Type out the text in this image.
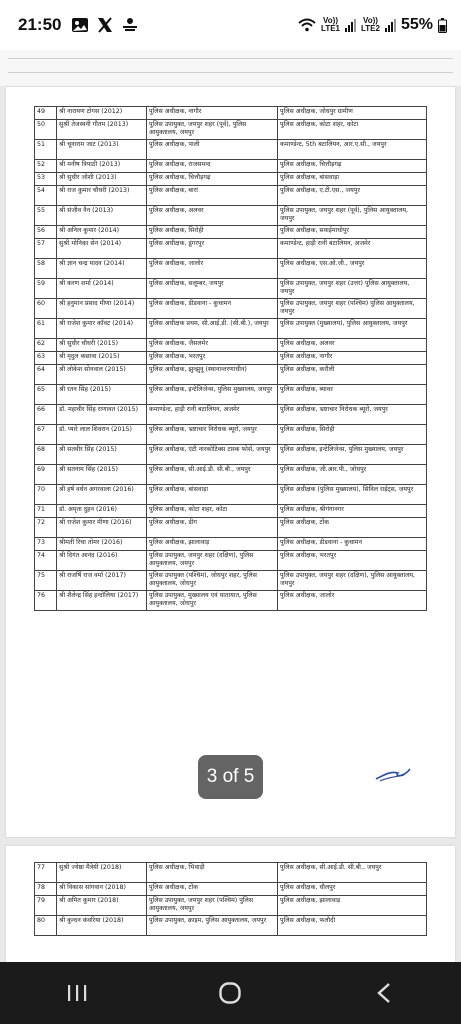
21:50	Vo))
LTE1
Vo))
LTE2 55%
49	श्री नारायण टोगस (2012)	पुलिस अधीक्षक, नागौर	पुलिस अधीक्षक, जोधपुर ग्रामीण
50	सुश्री तेजस्वनी गौतम (2013)	पुलिस उपायुक्त, जयपुर शहर (पूर्व), पुलिस आयुक्तालय, जयपुर	पुलिस अधीक्षक, कोटा शहर, कोटा
51	श्री चूनाराम जाट (2013)	पुलिस अधीक्षक, पाली	कमाण्डेन्ट, 5th बटालियन, आर.ए.सी., जयपुर
52	श्री मनीष त्रिपाठी (2013)	पुलिस अधीक्षक, राजसमन्द	पुलिस अधीक्षक, चित्तौड़गढ़
53	श्री सुधीर जोशी (2013)	पुलिस अधीक्षक, चित्तौड़गढ़	पुलिस अधीक्षक, बांसवाड़ा
54	श्री राज कुमार चौधरी (2013)	पुलिस अधीक्षक, बारां	पुलिस अधीक्षक, ए.टी.एस., जयपुर
55	श्री संजीव नैन (2013)	पुलिस अधीक्षक, अलवर	पुलिस उपायुक्त, जयपुर शहर (पूर्व), पुलिस आयुक्तालय, जयपुर
56	श्री अनिल कुमार (2014)	पुलिस अधीक्षक, सिरोही	पुलिस अधीक्षक, सवाईमाधोपुर
57	सुश्री मोनिका सेन (2014)	पुलिस अधीक्षक, डूंगरपुर	कमाण्डेन्ट, हाड़ी रानी बटालियन, अजमेर
58	श्री ज्ञान चन्द्र यादव (2014)	पुलिस अधीक्षक, जालोर	पुलिस अधीक्षक, एस.ओ.जी., जयपुर
59	श्री करण शर्मा (2014)	पुलिस अधीक्षक, सलूम्बर, जयपुर	पुलिस उपायुक्त, जयपुर शहर (उत्तर) पुलिस आयुक्तालय, जयपुर
60	श्री हनुमान प्रसाद मीणा (2014)	पुलिस अधीक्षक, डीडवाना - कुचामन	पुलिस उपायुक्त, जयपुर शहर (पश्चिम) पुलिस आयुक्तालय, जयपुर
61	श्री राजेश कुमार कॉवट (2014)	पुलिस अधीक्षक प्रथम, सी.आई.डी. (सी.बी.), जयपुर	पुलिस उपायुक्त (मुख्यालय), पुलिस आयुक्तालय, जयपुर
62	श्री सुधीर चौधरी (2015)	पुलिस अधीक्षक, जैसलमेर	पुलिस अधीक्षक, अलवर
63	श्री मृदुल कछावा (2015)	पुलिस अधीक्षक, भरतपुर	पुलिस अधीक्षक, नागौर
64	श्री लोकेश सोनवाल (2015)	पुलिस अधीक्षक, झुन्झुनू (स्थानान्तरणाधीन)	पुलिस अधीक्षक, करौली
65	श्री रतन सिंह (2015)	पुलिस अधीक्षक, इन्टेलिजेन्स, पुलिस मुख्यालय, जयपुर	पुलिस अधीक्षक, ब्यावर
66	डॉ. महावीर सिंह राणावत (2015)	कमाण्डेन्ट, हाड़ी रानी बटालियन, अजमेर	पुलिस अधीक्षक, भ्रष्टाचार निरोधक ब्यूरो, जयपुर
67	डॉ. प्यारे लाल शिवरान (2015)	पुलिस अधीक्षक, भ्रष्टाचार निरोधक ब्यूरो, जयपुर	पुलिस अधीक्षक, सिरोही
68	श्री सतवीर सिंह (2015)	पुलिस अधीक्षक, एंटी नारकोटिक्स टास्क फोर्स, जयपुर	पुलिस अधीक्षक, इन्टेलिजेन्स, पुलिस मुख्यालय, जयपुर
69	श्री सतनाम सिंह (2015)	पुलिस अधीक्षक, सी.आई.डी. सी.बी., जयपुर	पुलिस अधीक्षक, जी.आर.पी., जोधपुर
70	श्री हर्ष वर्धन अगरवाला (2016)	पुलिस अधीक्षक, बांसवाड़ा	पुलिस अधीक्षक (पुलिस मुख्यालय), सिविल राईट्स, जयपुर
71	डॉ. अमृता दुहन (2016)	पुलिस अधीक्षक, कोटा शहर, कोटा	पुलिस अधीक्षक, श्रीगंगानगर
72	श्री राजेश कुमार मीणा (2016)	पुलिस अधीक्षक, डीग	पुलिस अधीक्षक, टोंक
73	श्रीमती रिचा तोमर (2016)	पुलिस अधीक्षक, झालावाड़	पुलिस अधीक्षक, डीडवाना - कुचामन
74	श्री दिगंत आनंद (2016)	पुलिस उपायुक्त, जयपुर शहर (दक्षिण), पुलिस आयुक्तालय, जयपुर	पुलिस अधीक्षक, भरतपुर
75	श्री राजर्षि राज वर्मा (2017)	पुलिस उपायुक्त (पश्चिम), जोधपुर शहर, पुलिस आयुक्तालय, जोधपुर	पुलिस उपायुक्त, जयपुर शहर (दक्षिण), पुलिस आयुक्तालय, जयपुर
76	श्री शैलेन्द्र सिंह इन्दोलिया (2017)	पुलिस उपायुक्त, मुख्यालय एवं यातायात, पुलिस आयुक्तालय, जोधपुर	पुलिस अधीक्षक, जालोर
77	सुश्री ज्येष्ठा मैत्रेयी (2018)	पुलिस अधीक्षक, भिवाड़ी	पुलिस अधीक्षक, सी.आई.डी. सी.बी., जयपुर
78	श्री विकास सांगवान (2018)	पुलिस अधीक्षक, टोंक	पुलिस अधीक्षक, धौलपुर
79	श्री अमित कुमार (2018)	पुलिस उपायुक्त, जयपुर शहर (पश्चिम) पुलिस आयुक्तालय, जयपुर	पुलिस अधीक्षक, झालावाड़
80	श्री कुन्दन कंवरिया (2018)	पुलिस उपायुक्त, क्राइम, पुलिस आयुक्तालय, जयपुर	पुलिस अधीक्षक, फलौदी
3 of 5
